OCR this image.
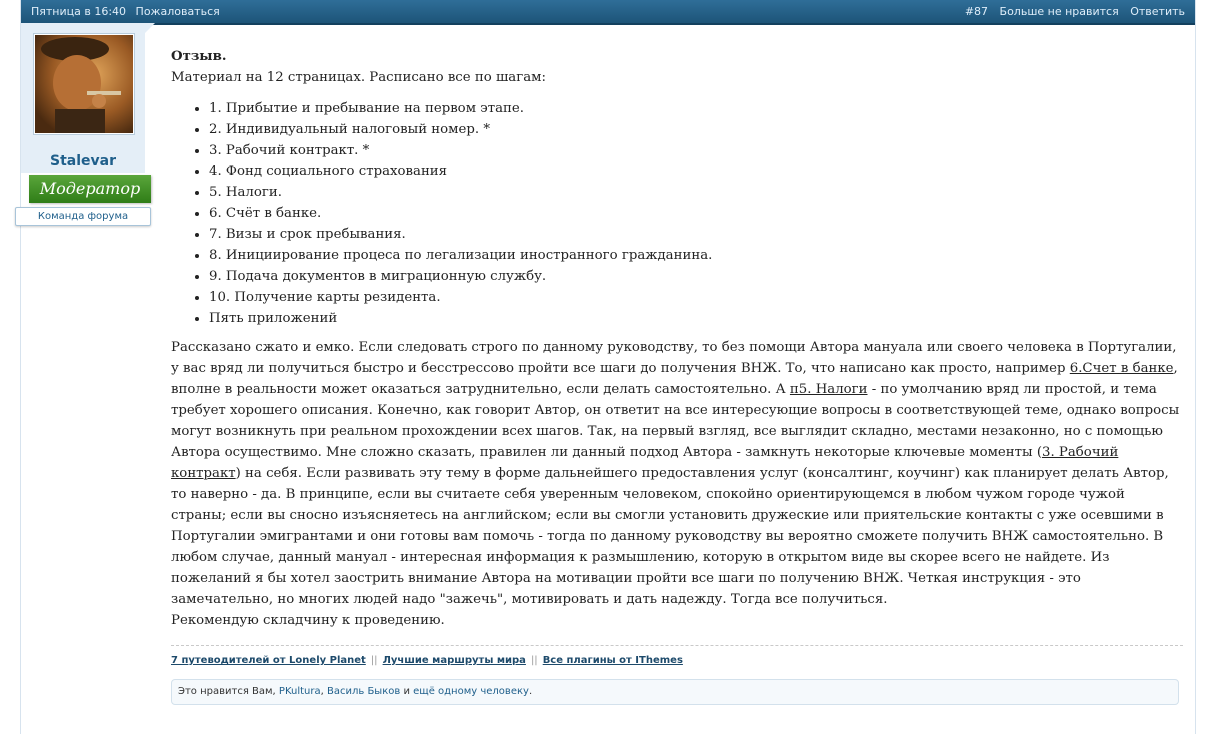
Пятница в 16:40 Пожаловаться	#87 Больше не нравится Ответить
Stalevar
Модератор
Команда форума
Отзыв.
Материал на 12 страницах. Расписано все по шагам:
• 1. Прибытие и пребывание на первом этапе.
• 2. Индивидуальный налоговый номер. *
• 3. Рабочий контракт. *
• 4. Фонд социального страхования
• 5. Налоги.
• 6. Счёт в банке.
• 7. Визы и срок пребывания.
• 8. Инициирование процеса по легализации иностранного гражданина.
• 9. Подача документов в миграционную службу.
• 10. Получение карты резидента.
• Пять приложений

Рассказано сжато и емко. Если следовать строго по данному руководству, то без помощи Автора мануала или своего человека в Португалии, у вас вряд ли получиться быстро и бесстрессово пройти все шаги до получения ВНЖ. То, что написано как просто, например 6.Счет в банке, вполне в реальности может оказаться затруднительно, если делать самостоятельно. А п5. Налоги - по умолчанию вряд ли простой, и тема требует хорошего описания. Конечно, как говорит Автор, он ответит на все интересующие вопросы в соответствующей теме, однако вопросы могут возникнуть при реальном прохождении всех шагов. Так, на первый взгляд, все выглядит складно, местами незаконно, но с помощью Автора осуществимо. Мне сложно сказать, правилен ли данный подход Автора - замкнуть некоторые ключевые моменты (3. Рабочий контракт) на себя. Если развивать эту тему в форме дальнейшего предоставления услуг (консалтинг, коучинг) как планирует делать Автор, то наверно - да. В принципе, если вы считаете себя уверенным человеком, спокойно ориентирующемся в любом чужом городе чужой страны; если вы сносно изъясняетесь на английском; если вы смогли установить дружеские или приятельские контакты с уже осевшими в Португалии эмигрантами и они готовы вам помочь - тогда по данному руководству вы вероятно сможете получить ВНЖ самостоятельно. В любом случае, данный мануал - интересная информация к размышлению, которую в открытом виде вы скорее всего не найдете. Из пожеланий я бы хотел заострить внимание Автора на мотивации пройти все шаги по получению ВНЖ. Четкая инструкция - это замечательно, но многих людей надо "зажечь", мотивировать и дать надежду. Тогда все получиться.

Рекомендую складчину к проведению.
7 путеводителей от Lonely Planet || Лучшие маршруты мира || Все плагины от IThemes
Это нравится Вам, PKultura, Василь Быков и ещё одному человеку.
